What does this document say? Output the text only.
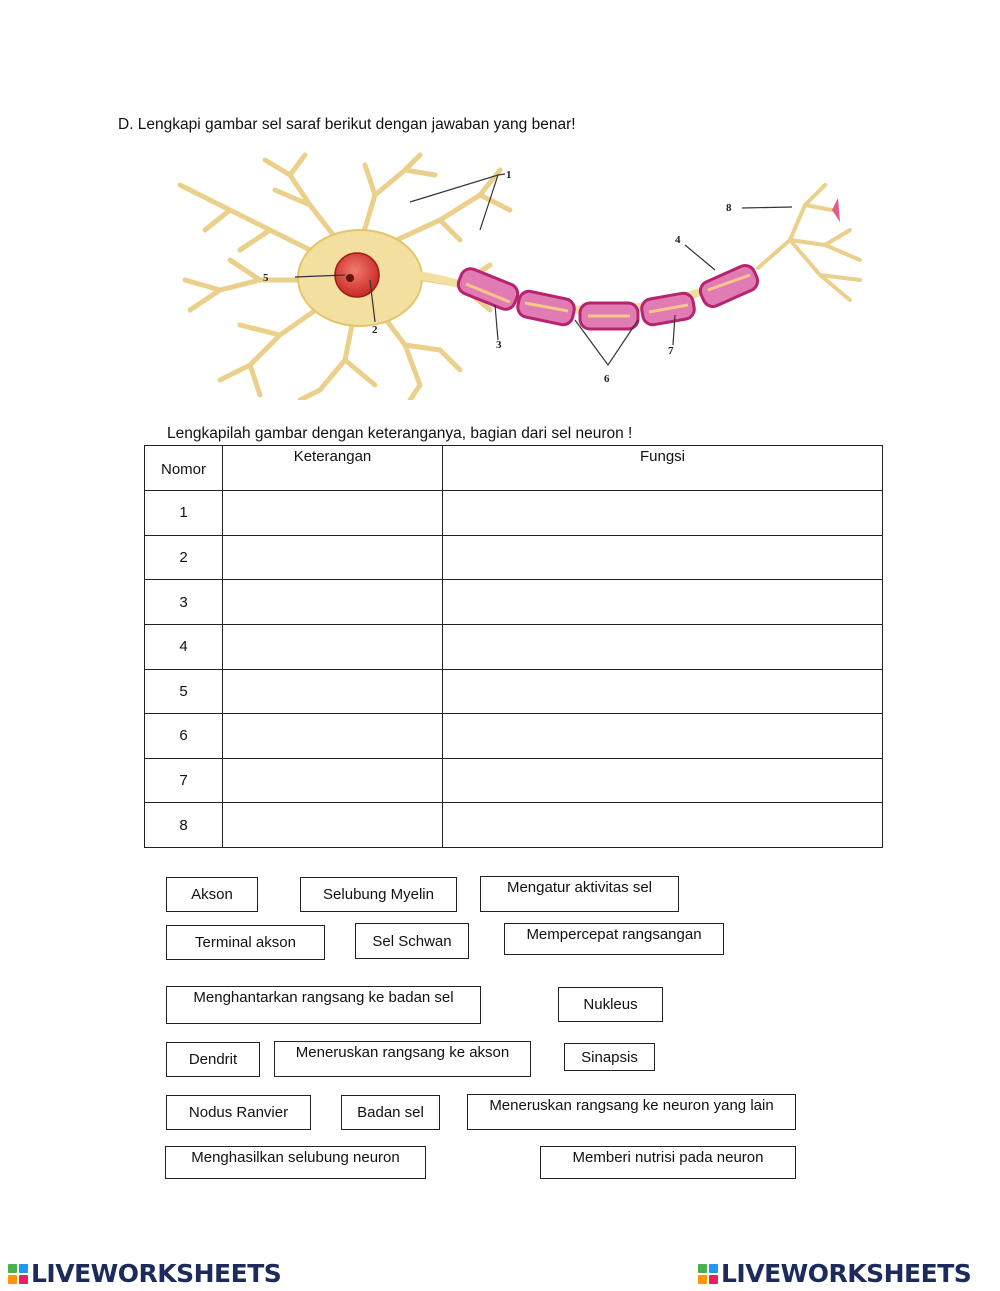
D. Lengkapi gambar sel saraf berikut dengan jawaban yang benar!
1
2
3
4
5
6
7
8
Lengkapilah gambar dengan keteranganya, bagian dari sel neuron !
Nomor	Keterangan	Fungsi
1		
2		
3		
4		
5		
6		
7		
8		
Akson	Selubung Myelin	Mengatur aktivitas sel
Terminal akson	Sel Schwan	Mempercepat rangsangan
Menghantarkan rangsang ke badan sel	Nukleus
Dendrit	Meneruskan rangsang ke akson	Sinapsis
Nodus Ranvier	Badan sel	Meneruskan rangsang ke neuron yang lain
Menghasilkan selubung neuron	Memberi nutrisi pada neuron
LIVEWORKSHEETS	LIVEWORKSHEETS
